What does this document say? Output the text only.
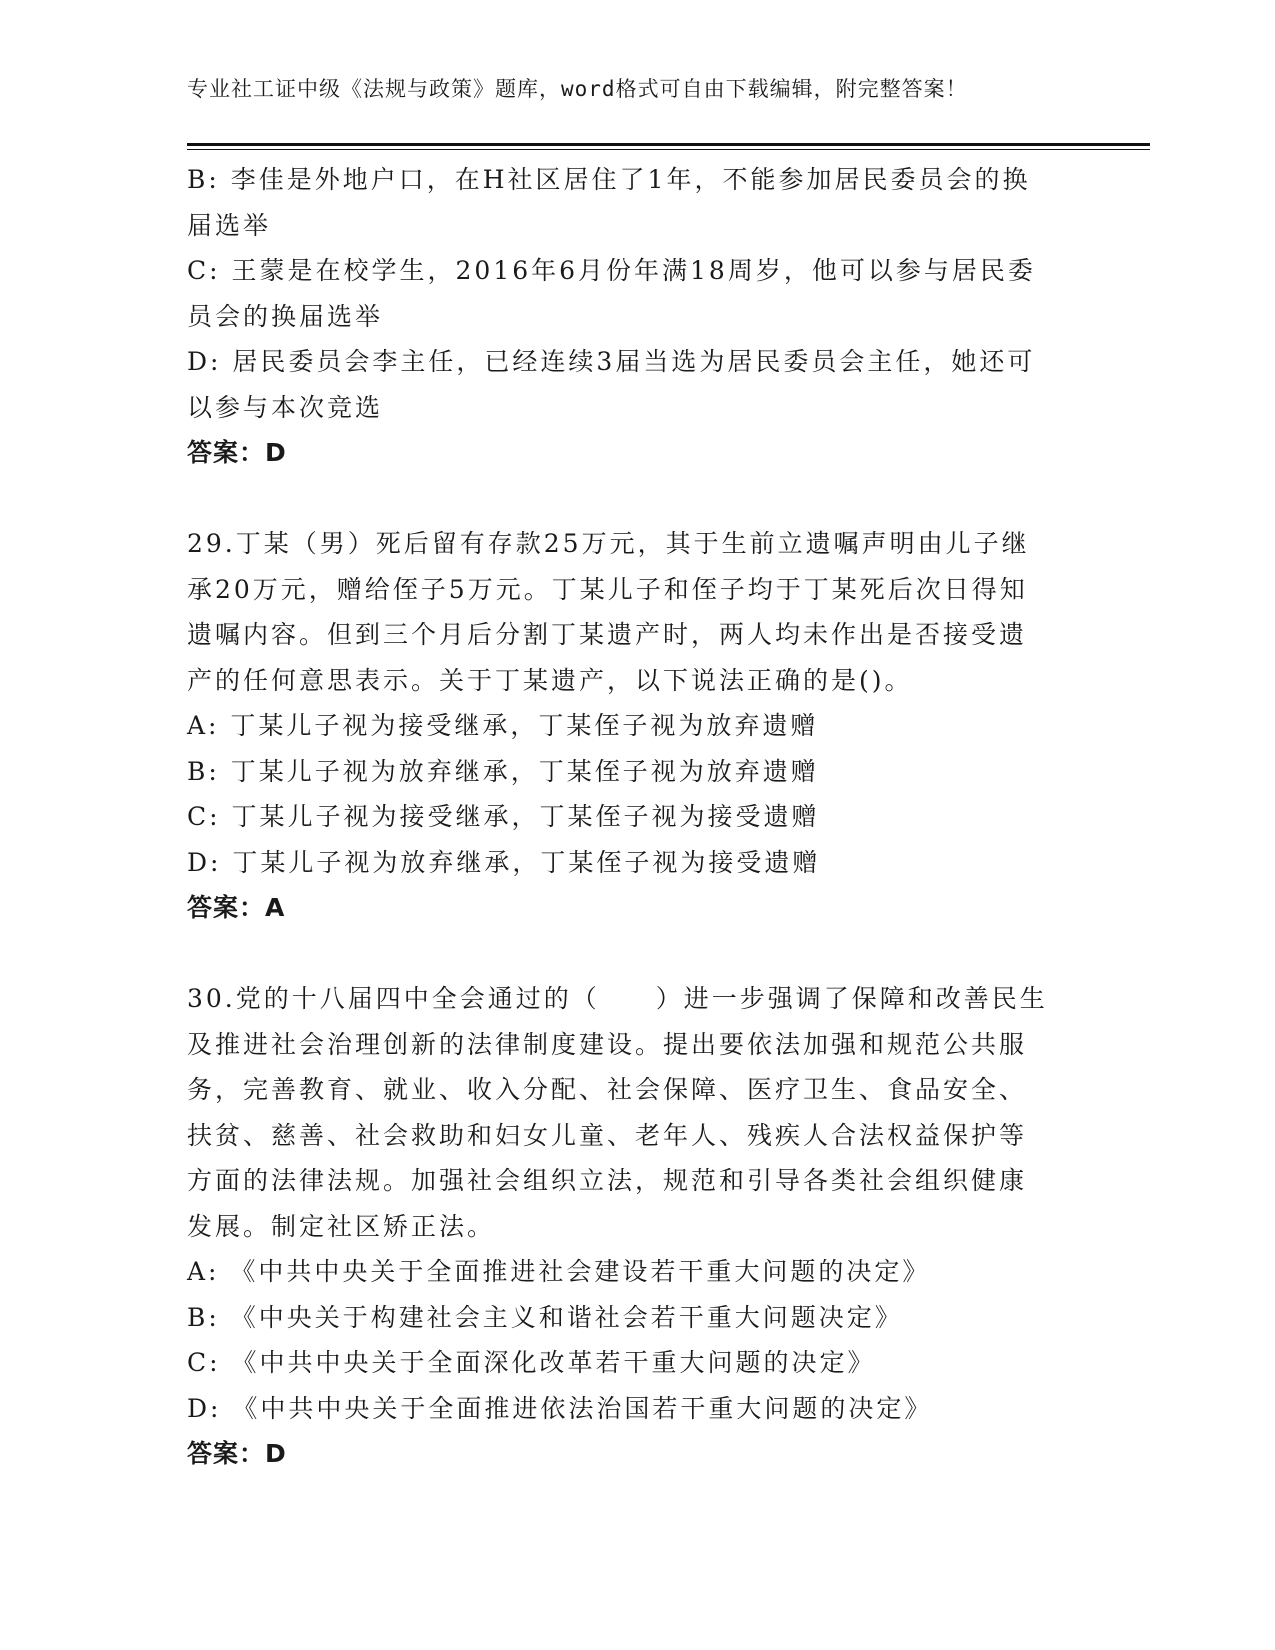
专业社工证中级《法规与政策》题库，word格式可自由下载编辑，附完整答案！
B: 李佳是外地户口，在H社区居住了1年，不能参加居民委员会的换
届选举
C: 王蒙是在校学生，2016年6月份年满18周岁，他可以参与居民委
员会的换届选举
D: 居民委员会李主任，已经连续3届当选为居民委员会主任，她还可
以参与本次竞选
答案：D
29.丁某（男）死后留有存款25万元，其于生前立遗嘱声明由儿子继
承20万元，赠给侄子5万元。丁某儿子和侄子均于丁某死后次日得知
遗嘱内容。但到三个月后分割丁某遗产时，两人均未作出是否接受遗
产的任何意思表示。关于丁某遗产，以下说法正确的是()。
A: 丁某儿子视为接受继承，丁某侄子视为放弃遗赠
B: 丁某儿子视为放弃继承，丁某侄子视为放弃遗赠
C: 丁某儿子视为接受继承，丁某侄子视为接受遗赠
D: 丁某儿子视为放弃继承，丁某侄子视为接受遗赠
答案：A
30.党的十八届四中全会通过的（　　）进一步强调了保障和改善民生
及推进社会治理创新的法律制度建设。提出要依法加强和规范公共服
务，完善教育、就业、收入分配、社会保障、医疗卫生、食品安全、
扶贫、慈善、社会救助和妇女儿童、老年人、残疾人合法权益保护等
方面的法律法规。加强社会组织立法，规范和引导各类社会组织健康
发展。制定社区矫正法。
A: 《中共中央关于全面推进社会建设若干重大问题的决定》
B: 《中央关于构建社会主义和谐社会若干重大问题决定》
C: 《中共中央关于全面深化改革若干重大问题的决定》
D: 《中共中央关于全面推进依法治国若干重大问题的决定》
答案：D
